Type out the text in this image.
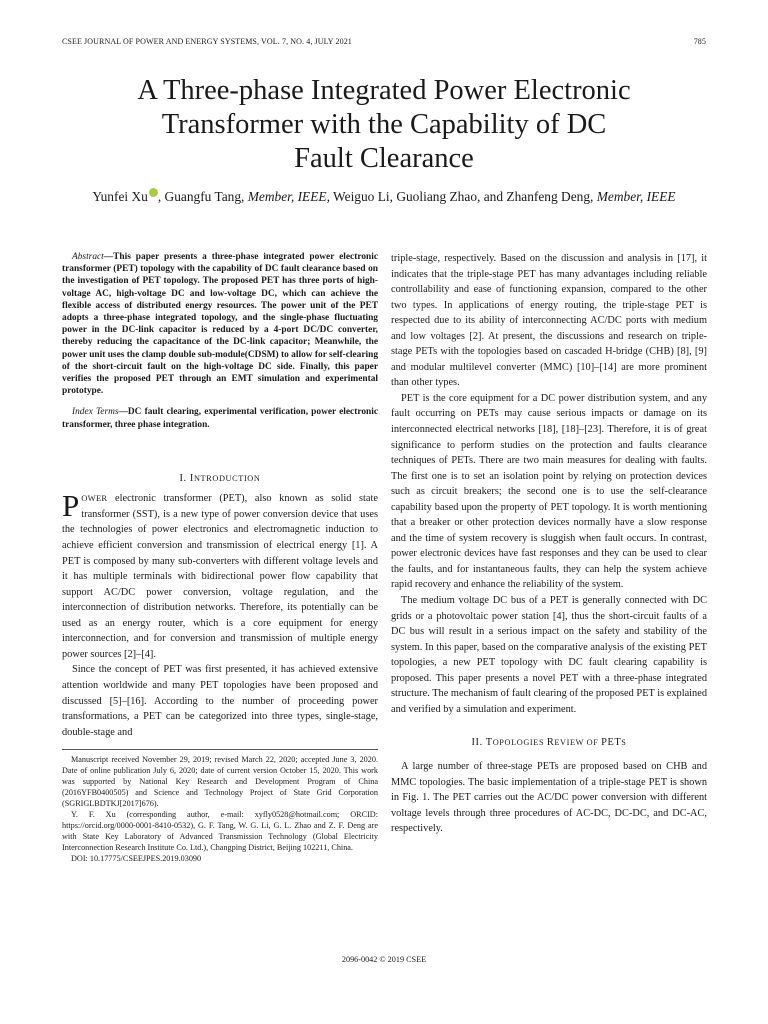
CSEE JOURNAL OF POWER AND ENERGY SYSTEMS, VOL. 7, NO. 4, JULY 2021	785
A Three-phase Integrated Power Electronic
Transformer with the Capability of DC
Fault Clearance
Yunfei Xu , Guangfu Tang, Member, IEEE, Weiguo Li, Guoliang Zhao, and Zhanfeng Deng, Member, IEEE

Abstract—This paper presents a three-phase integrated power electronic transformer (PET) topology with the capability of DC fault clearance based on the investigation of PET topology. The proposed PET has three ports of high-voltage AC, high-voltage DC and low-voltage DC, which can achieve the flexible access of distributed energy resources. The power unit of the PET adopts a three-phase integrated topology, and the single-phase fluctuating power in the DC-link capacitor is reduced by a 4-port DC/DC converter, thereby reducing the capacitance of the DC-link capacitor; Meanwhile, the power unit uses the clamp double sub-module(CDSM) to allow for self-clearing of the short-circuit fault on the high-voltage DC side. Finally, this paper verifies the proposed PET through an EMT simulation and experimental prototype.

Index Terms—DC fault clearing, experimental verification, power electronic transformer, three phase integration.

I. INTRODUCTION

POWER electronic transformer (PET), also known as solid state transformer (SST), is a new type of power conversion device that uses the technologies of power electronics and electromagnetic induction to achieve efficient conversion and transmission of electrical energy [1]. A PET is composed by many sub-converters with different voltage levels and it has multiple terminals with bidirectional power flow capability that support AC/DC power conversion, voltage regulation, and the interconnection of distribution networks. Therefore, its potentially can be used as an energy router, which is a core equipment for energy interconnection, and for conversion and transmission of multiple energy power sources [2]–[4].

Since the concept of PET was first presented, it has achieved extensive attention worldwide and many PET topologies have been proposed and discussed [5]–[16]. According to the number of proceeding power transformations, a PET can be categorized into three types, single-stage, double-stage and

Manuscript received November 29, 2019; revised March 22, 2020; accepted June 3, 2020. Date of online publication July 6, 2020; date of current version October 15, 2020. This work was supported by National Key Research and Development Program of China (2016YFB0400505) and Science and Technology Project of State Grid Corporation (SGRIGLBDTKJ[2017]676).

Y. F. Xu (corresponding author, e-mail: xyfly0528@hotmail.com; ORCID: https://orcid.org/0000-0001-8410-0532), G. F. Tang, W. G. Li, G. L. Zhao and Z. F. Deng are with State Key Laboratory of Advanced Transmission Technology (Global Electricity Interconnection Research Institute Co. Ltd.), Changping District, Beijing 102211, China.

DOI: 10.17775/CSEEJPES.2019.03090

triple-stage, respectively. Based on the discussion and analysis in [17], it indicates that the triple-stage PET has many advantages including reliable controllability and ease of functioning expansion, compared to the other two types. In applications of energy routing, the triple-stage PET is respected due to its ability of interconnecting AC/DC ports with medium and low voltages [2]. At present, the discussions and research on triple-stage PETs with the topologies based on cascaded H-bridge (CHB) [8], [9] and modular multilevel converter (MMC) [10]–[14] are more prominent than other types.

PET is the core equipment for a DC power distribution system, and any fault occurring on PETs may cause serious impacts or damage on its interconnected electrical networks [18], [18]–[23]. Therefore, it is of great significance to perform studies on the protection and faults clearance techniques of PETs. There are two main measures for dealing with faults. The first one is to set an isolation point by relying on protection devices such as circuit breakers; the second one is to use the self-clearance capability based upon the property of PET topology. It is worth mentioning that a breaker or other protection devices normally have a slow response and the time of system recovery is sluggish when fault occurs. In contrast, power electronic devices have fast responses and they can be used to clear the faults, and for instantaneous faults, they can help the system achieve rapid recovery and enhance the reliability of the system.

The medium voltage DC bus of a PET is generally connected with DC grids or a photovoltaic power station [4], thus the short-circuit faults of a DC bus will result in a serious impact on the safety and stability of the system. In this paper, based on the comparative analysis of the existing PET topologies, a new PET topology with DC fault clearing capability is proposed. This paper presents a novel PET with a three-phase integrated structure. The mechanism of fault clearing of the proposed PET is explained and verified by a simulation and experiment.

II. TOPOLOGIES REVIEW OF PETS

A large number of three-stage PETs are proposed based on CHB and MMC topologies. The basic implementation of a triple-stage PET is shown in Fig. 1. The PET carries out the AC/DC power conversion with different voltage levels through three procedures of AC-DC, DC-DC, and DC-AC, respectively.

2096-0042 © 2019 CSEE
